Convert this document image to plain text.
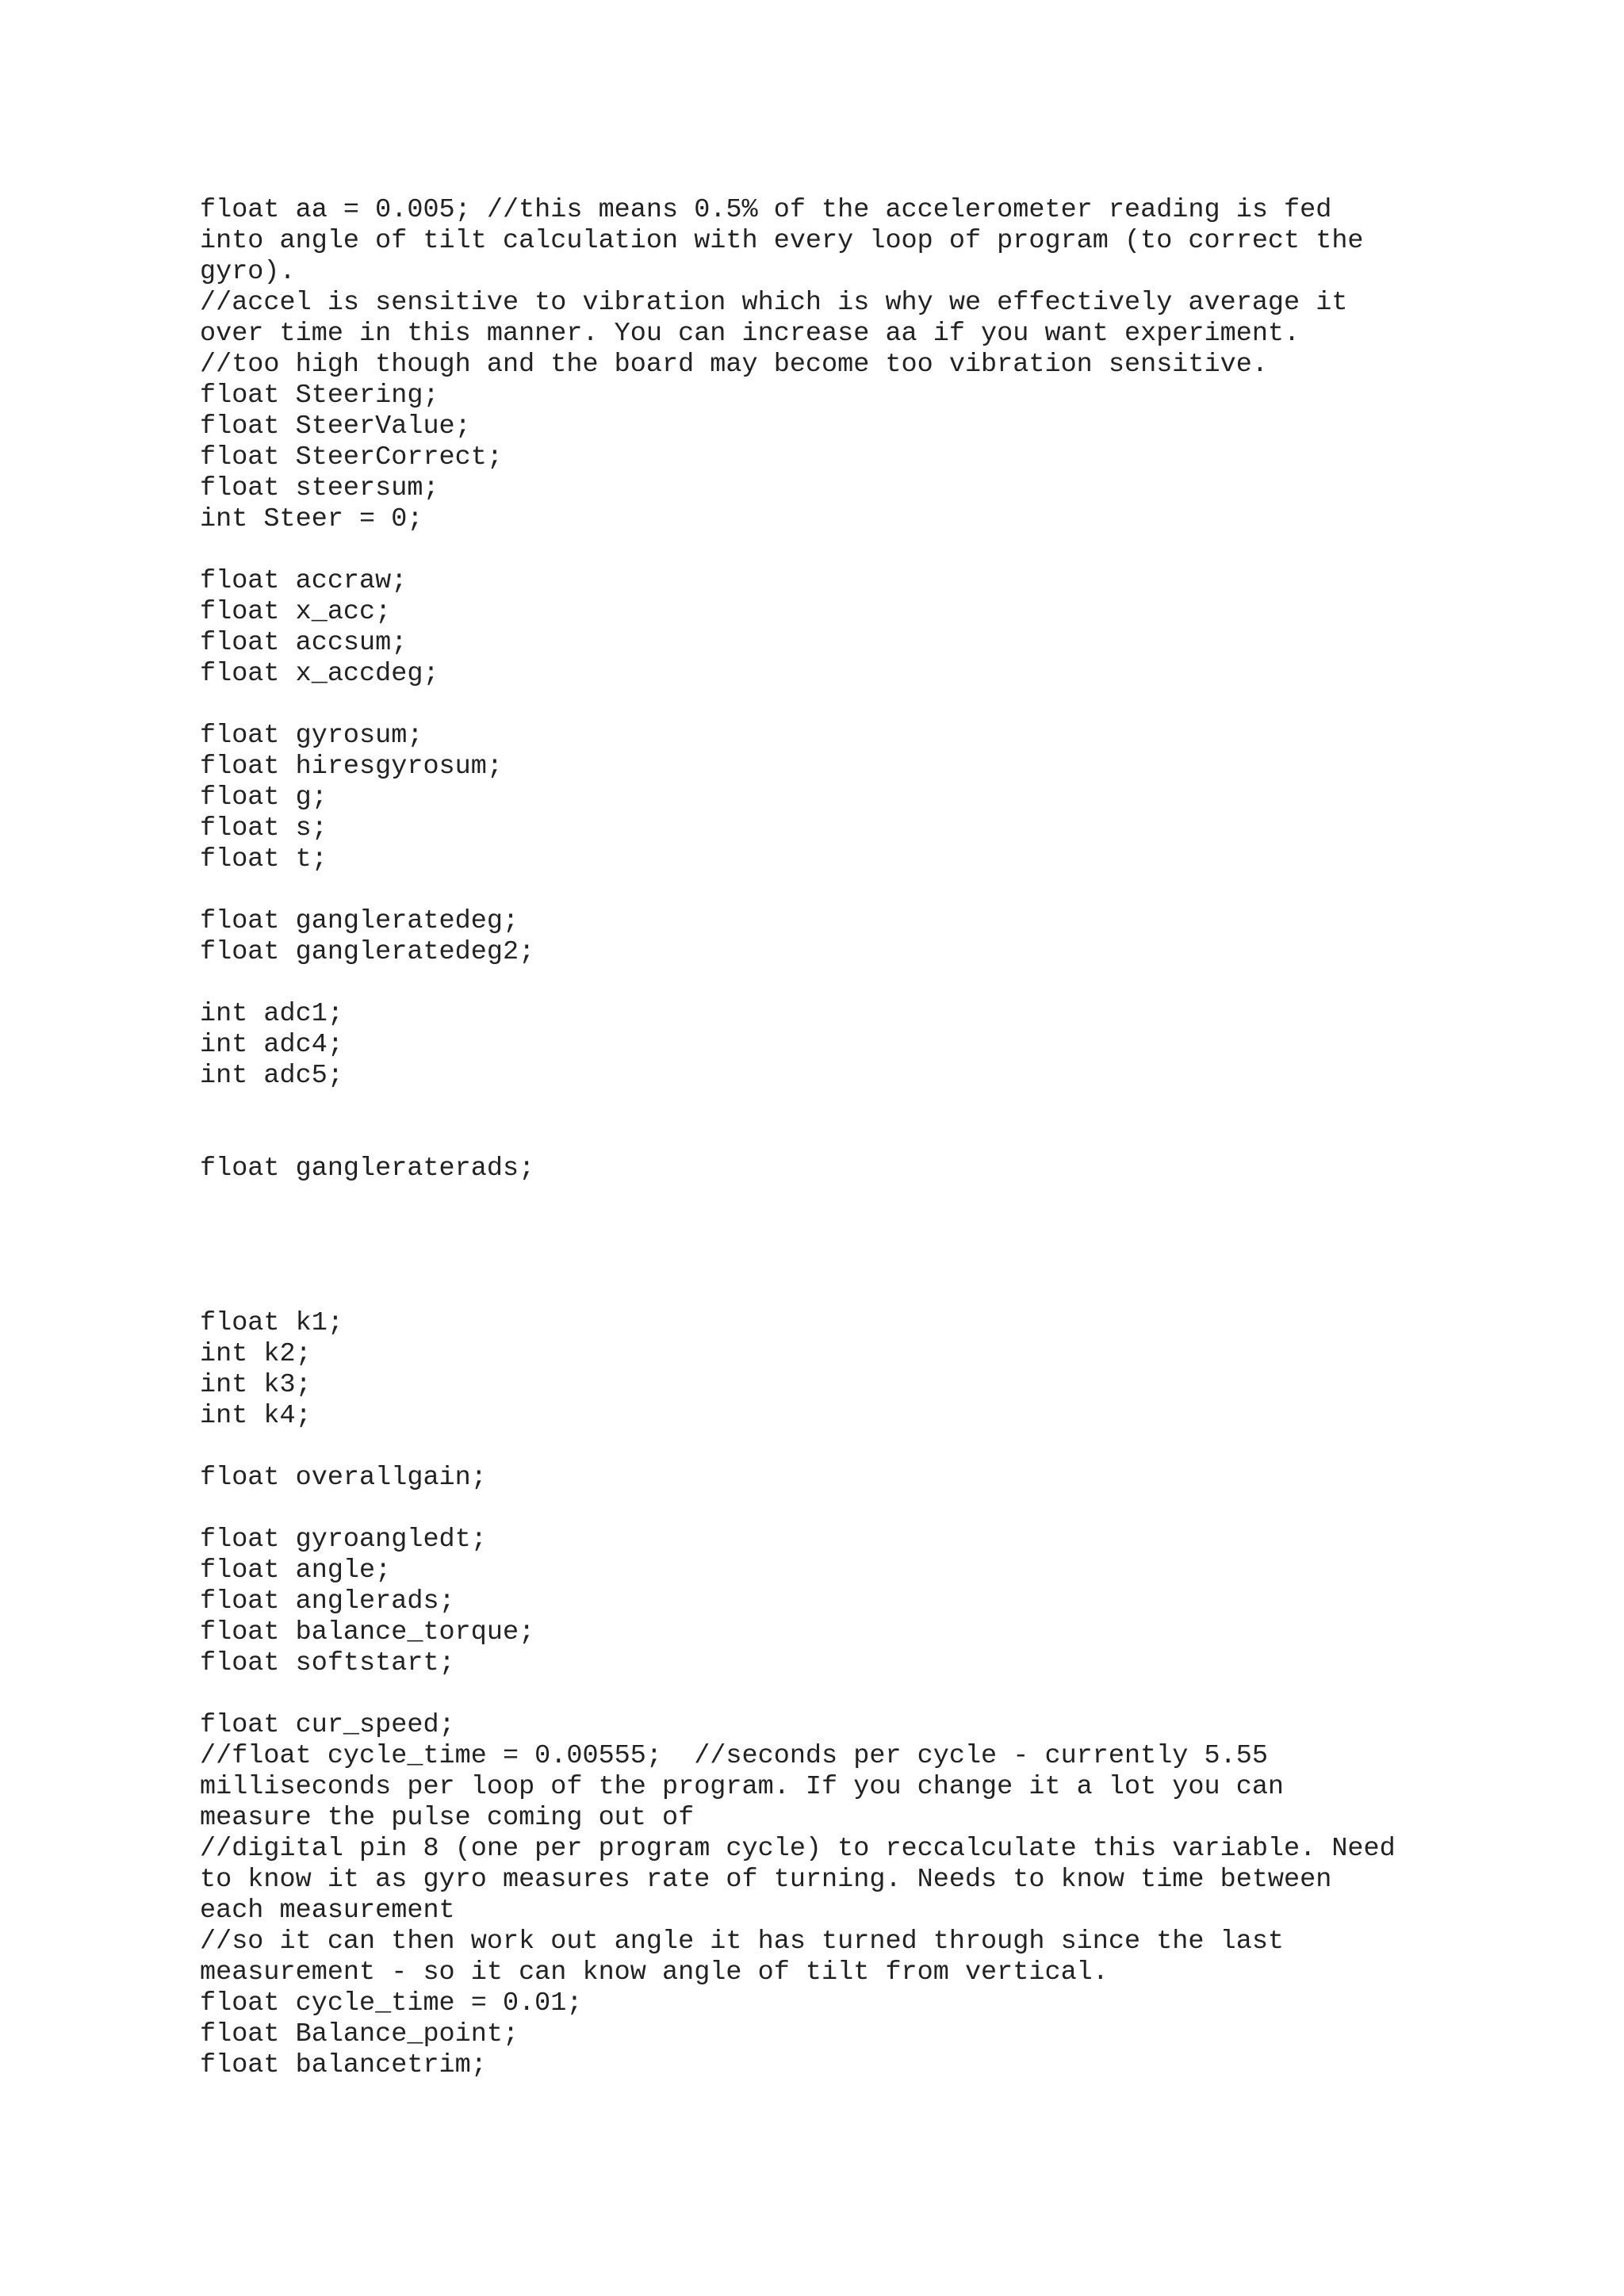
float aa = 0.005; //this means 0.5% of the accelerometer reading is fed
into angle of tilt calculation with every loop of program (to correct the
gyro).
//accel is sensitive to vibration which is why we effectively average it
over time in this manner. You can increase aa if you want experiment.
//too high though and the board may become too vibration sensitive.
float Steering;
float SteerValue;
float SteerCorrect;
float steersum;
int Steer = 0;
float accraw;
float x_acc;
float accsum;
float x_accdeg;
float gyrosum;
float hiresgyrosum;
float g;
float s;
float t;
float gangleratedeg;
float gangleratedeg2;
int adc1;
int adc4;
int adc5;
float gangleraterads;
float k1;
int k2;
int k3;
int k4;
float overallgain;
float gyroangledt;
float angle;
float anglerads;
float balance_torque;
float softstart;
float cur_speed;
//float cycle_time = 0.00555;  //seconds per cycle - currently 5.55
milliseconds per loop of the program. If you change it a lot you can
measure the pulse coming out of
//digital pin 8 (one per program cycle) to reccalculate this variable. Need
to know it as gyro measures rate of turning. Needs to know time between
each measurement
//so it can then work out angle it has turned through since the last
measurement - so it can know angle of tilt from vertical.
float cycle_time = 0.01;
float Balance_point;
float balancetrim;
